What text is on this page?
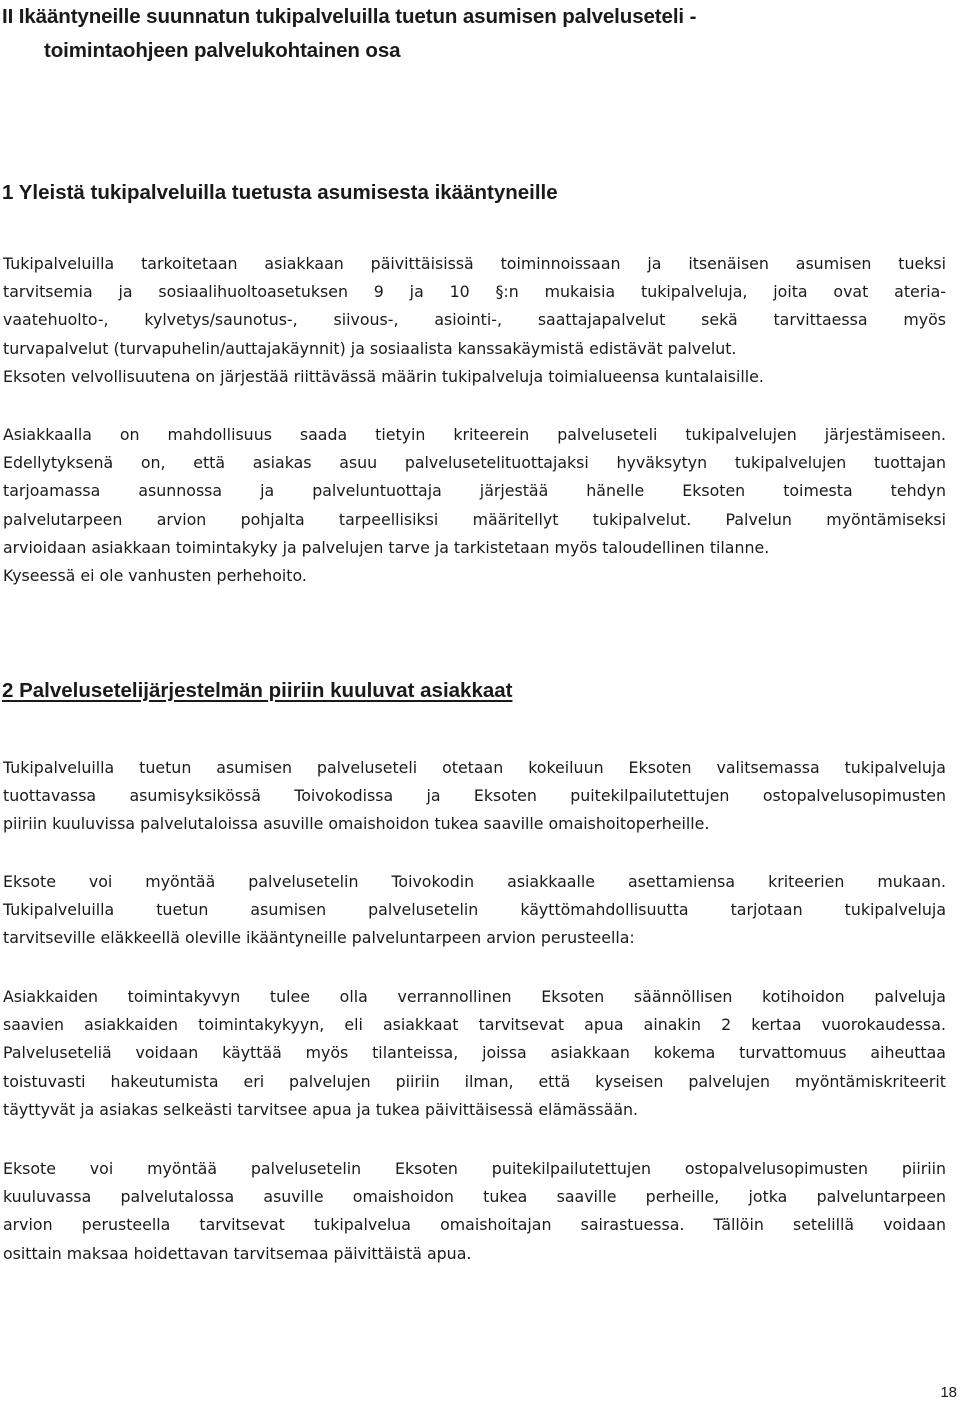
II Ikääntyneille suunnatun tukipalveluilla tuetun asumisen palveluseteli -
toimintaohjeen palvelukohtainen osa
1 Yleistä tukipalveluilla tuetusta asumisesta ikääntyneille
Tukipalveluilla tarkoitetaan asiakkaan päivittäisissä toiminnoissaan ja itsenäisen asumisen tueksi
tarvitsemia ja sosiaalihuoltoasetuksen 9 ja 10 §:n mukaisia tukipalveluja, joita ovat ateria-
vaatehuolto-, kylvetys/saunotus-, siivous-, asiointi-, saattajapalvelut sekä tarvittaessa myös
turvapalvelut (turvapuhelin/auttajakäynnit) ja sosiaalista kanssakäymistä edistävät palvelut.
Eksoten velvollisuutena on järjestää riittävässä määrin tukipalveluja toimialueensa kuntalaisille.
Asiakkaalla on mahdollisuus saada tietyin kriteerein palveluseteli tukipalvelujen järjestämiseen.
Edellytyksenä on, että asiakas asuu palvelusetelituottajaksi hyväksytyn tukipalvelujen tuottajan
tarjoamassa asunnossa ja palveluntuottaja järjestää hänelle Eksoten toimesta tehdyn
palvelutarpeen arvion pohjalta tarpeellisiksi määritellyt tukipalvelut. Palvelun myöntämiseksi
arvioidaan asiakkaan toimintakyky ja palvelujen tarve ja tarkistetaan myös taloudellinen tilanne.
Kyseessä ei ole vanhusten perhehoito.
2 Palvelusetelijärjestelmän piiriin kuuluvat asiakkaat
Tukipalveluilla tuetun asumisen palveluseteli otetaan kokeiluun Eksoten valitsemassa tukipalveluja
tuottavassa asumisyksikössä Toivokodissa ja Eksoten puitekilpailutettujen ostopalvelusopimusten
piiriin kuuluvissa palvelutaloissa asuville omaishoidon tukea saaville omaishoitoperheille.
Eksote voi myöntää palvelusetelin Toivokodin asiakkaalle asettamiensa kriteerien mukaan.
Tukipalveluilla tuetun asumisen palvelusetelin käyttömahdollisuutta tarjotaan tukipalveluja
tarvitseville eläkkeellä oleville ikääntyneille palveluntarpeen arvion perusteella:
Asiakkaiden toimintakyvyn tulee olla verrannollinen Eksoten säännöllisen kotihoidon palveluja
saavien asiakkaiden toimintakykyyn, eli asiakkaat tarvitsevat apua ainakin 2 kertaa vuorokaudessa.
Palveluseteliä voidaan käyttää myös tilanteissa, joissa asiakkaan kokema turvattomuus aiheuttaa
toistuvasti hakeutumista eri palvelujen piiriin ilman, että kyseisen palvelujen myöntämiskriteerit
täyttyvät ja asiakas selkeästi tarvitsee apua ja tukea päivittäisessä elämässään.
Eksote voi myöntää palvelusetelin Eksoten puitekilpailutettujen ostopalvelusopimusten piiriin
kuuluvassa palvelutalossa asuville omaishoidon tukea saaville perheille, jotka palveluntarpeen
arvion perusteella tarvitsevat tukipalvelua omaishoitajan sairastuessa. Tällöin setelillä voidaan
osittain maksaa hoidettavan tarvitsemaa päivittäistä apua.
18
